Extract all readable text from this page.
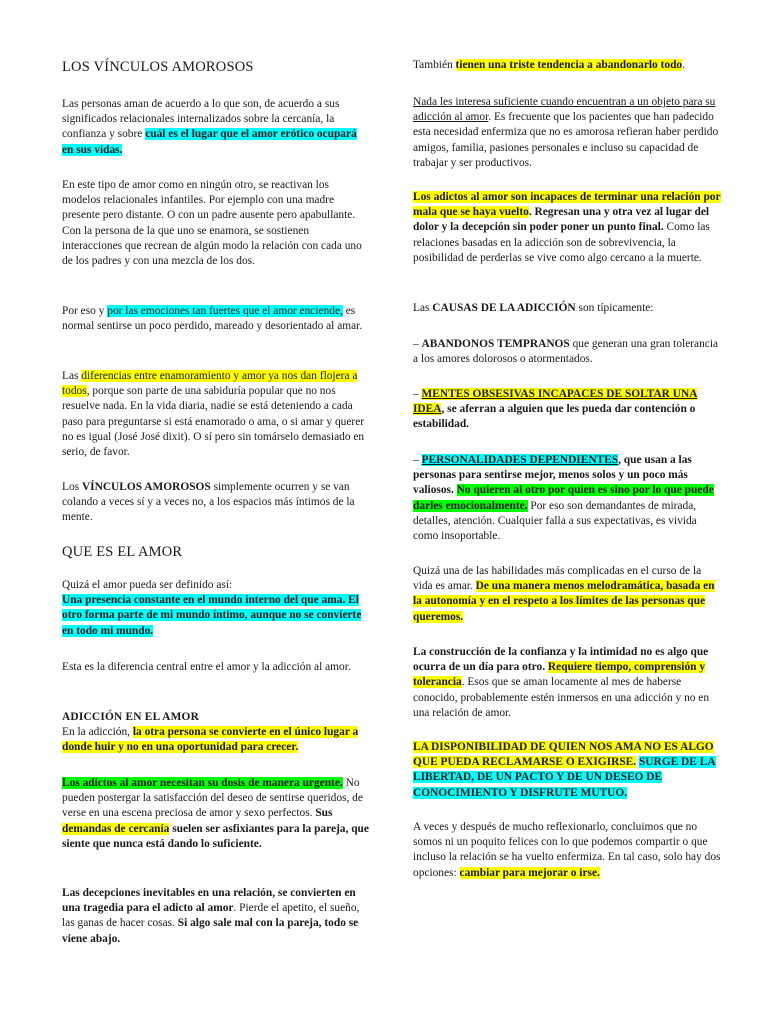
LOS VÍNCULOS AMOROSOS
Las personas aman de acuerdo a lo que son, de acuerdo a sus significados relacionales internalizados sobre la cercanía, la confianza y sobre cuál es el lugar que el amor erótico ocupará en sus vidas.
En este tipo de amor como en ningún otro, se reactivan los modelos relacionales infantiles. Por ejemplo con una madre presente pero distante. O con un padre ausente pero apabullante. Con la persona de la que uno se enamora, se sostienen interacciones que recrean de algún modo la relación con cada uno de los padres y con una mezcla de los dos.
Por eso y por las emociones tan fuertes que el amor enciende, es normal sentirse un poco perdido, mareado y desorientado al amar.
Las diferencias entre enamoramiento y amor ya nos dan flojera a todos, porque son parte de una sabiduría popular que no nos resuelve nada. En la vida diaria, nadie se está deteniendo a cada paso para preguntarse si está enamorado o ama, o si amar y querer no es igual (José José dixit). O sí pero sin tomárselo demasiado en serio, de favor.
Los VÍNCULOS AMOROSOS simplemente ocurren y se van colando a veces sí y a veces no, a los espacios más íntimos de la mente.
QUE ES EL AMOR
Quizá el amor pueda ser definido así:
Una presencia constante en el mundo interno del que ama. El otro forma parte de mi mundo íntimo, aunque no se convierte en todo mi mundo.
Esta es la diferencia central entre el amor y la adicción al amor.
ADICCIÓN EN EL AMOR
En la adicción, la otra persona se convierte en el único lugar a donde huir y no en una oportunidad para crecer.
Los adictos al amor necesitan su dosis de manera urgente. No pueden postergar la satisfacción del deseo de sentirse queridos, de verse en una escena preciosa de amor y sexo perfectos. Sus demandas de cercanía suelen ser asfixiantes para la pareja, que siente que nunca está dando lo suficiente.
Las decepciones inevitables en una relación, se convierten en una tragedia para el adicto al amor. Pierde el apetito, el sueño, las ganas de hacer cosas. Si algo sale mal con la pareja, todo se viene abajo.
También tienen una triste tendencia a abandonarlo todo.
Nada les interesa suficiente cuando encuentran a un objeto para su adicción al amor. Es frecuente que los pacientes que han padecido esta necesidad enfermiza que no es amorosa refieran haber perdido amigos, familia, pasiones personales e incluso su capacidad de trabajar y ser productivos.
Los adictos al amor son incapaces de terminar una relación por mala que se haya vuelto. Regresan una y otra vez al lugar del dolor y la decepción sin poder poner un punto final. Como las relaciones basadas en la adicción son de sobrevivencia, la posibilidad de perderlas se vive como algo cercano a la muerte.
Las CAUSAS DE LA ADICCIÓN son típicamente:
– ABANDONOS TEMPRANOS que generan una gran tolerancia a los amores dolorosos o atormentados.
– MENTES OBSESIVAS INCAPACES DE SOLTAR UNA IDEA, se aferran a alguien que les pueda dar contención o estabilidad.
– PERSONALIDADES DEPENDIENTES, que usan a las personas para sentirse mejor, menos solos y un poco más valiosos. No quieren al otro por quien es sino por lo que puede darles emocionalmente. Por eso son demandantes de mirada, detalles, atención. Cualquier falla a sus expectativas, es vivida como insoportable.
Quizá una de las habilidades más complicadas en el curso de la vida es amar. De una manera menos melodramática, basada en la autonomía y en el respeto a los límites de las personas que queremos.
La construcción de la confianza y la intimidad no es algo que ocurra de un día para otro. Requiere tiempo, comprensión y tolerancia. Esos que se aman locamente al mes de haberse conocido, probablemente estén inmersos en una adicción y no en una relación de amor.
LA DISPONIBILIDAD DE QUIEN NOS AMA NO ES ALGO QUE PUEDA RECLAMARSE O EXIGIRSE. SURGE DE LA LIBERTAD, DE UN PACTO Y DE UN DESEO DE CONOCIMIENTO Y DISFRUTE MUTUO.
A veces y después de mucho reflexionarlo, concluimos que no somos ni un poquito felices con lo que podemos compartir o que incluso la relación se ha vuelto enfermiza. En tal caso, solo hay dos opciones: cambiar para mejorar o irse.
